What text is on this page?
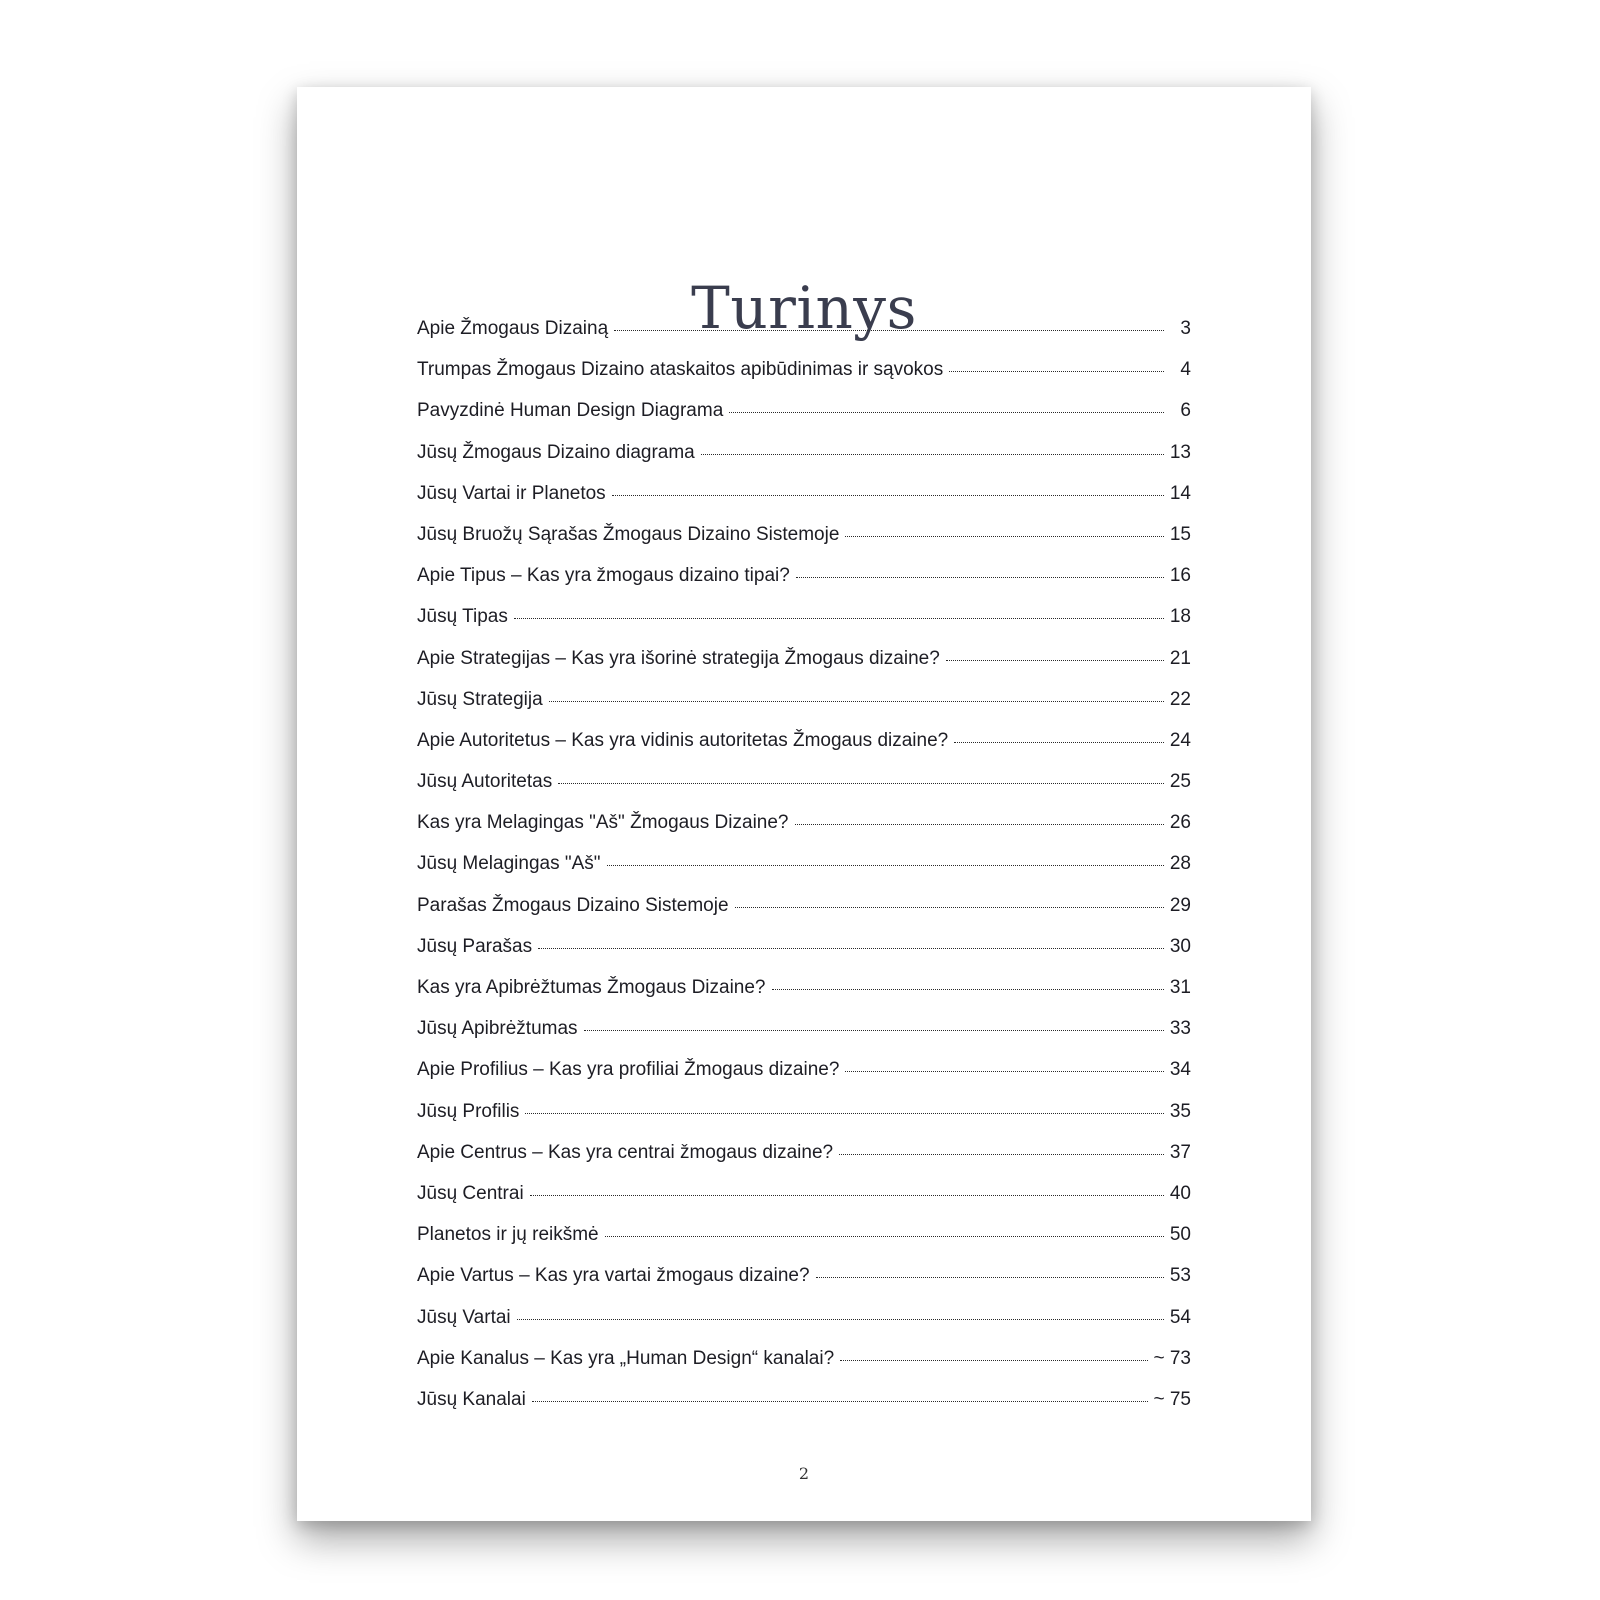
Turinys
Apie Žmogaus Dizainą	3
Trumpas Žmogaus Dizaino ataskaitos apibūdinimas ir sąvokos	4
Pavyzdinė Human Design Diagrama	6
Jūsų Žmogaus Dizaino diagrama	13
Jūsų Vartai ir Planetos	14
Jūsų Bruožų Sąrašas Žmogaus Dizaino Sistemoje	15
Apie Tipus – Kas yra žmogaus dizaino tipai?	16
Jūsų Tipas	18
Apie Strategijas – Kas yra išorinė strategija Žmogaus dizaine?	21
Jūsų Strategija	22
Apie Autoritetus – Kas yra vidinis autoritetas Žmogaus dizaine?	24
Jūsų Autoritetas	25
Kas yra Melagingas "Aš" Žmogaus Dizaine?	26
Jūsų Melagingas "Aš"	28
Parašas Žmogaus Dizaino Sistemoje	29
Jūsų Parašas	30
Kas yra Apibrėžtumas Žmogaus Dizaine?	31
Jūsų Apibrėžtumas	33
Apie Profilius – Kas yra profiliai Žmogaus dizaine?	34
Jūsų Profilis	35
Apie Centrus – Kas yra centrai žmogaus dizaine?	37
Jūsų Centrai	40
Planetos ir jų reikšmė	50
Apie Vartus – Kas yra vartai žmogaus dizaine?	53
Jūsų Vartai	54
Apie Kanalus – Kas yra „Human Design“ kanalai?	~ 73
Jūsų Kanalai	~ 75
2
